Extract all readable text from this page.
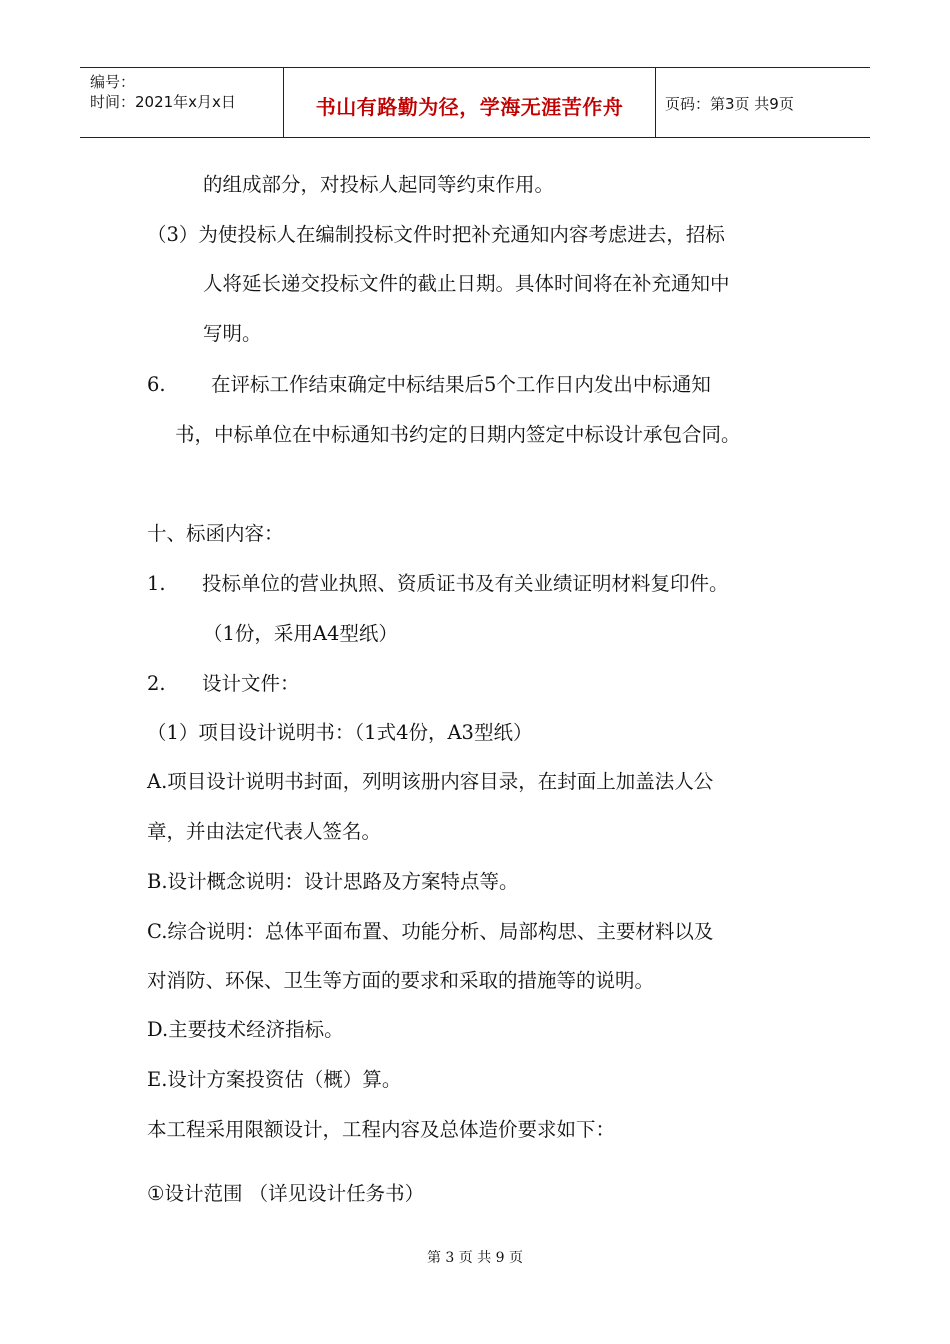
编号：
时间：2021年x月x日	书山有路勤为径，学海无涯苦作舟	页码：第3页 共9页
的组成部分，对投标人起同等约束作用。
（3）为使投标人在编制投标文件时把补充通知内容考虑进去，招标
人将延长递交投标文件的截止日期。具体时间将在补充通知中
写明。
6. 在评标工作结束确定中标结果后5个工作日内发出中标通知
书，中标单位在中标通知书约定的日期内签定中标设计承包合同。
十、标函内容：
1. 投标单位的营业执照、资质证书及有关业绩证明材料复印件。
（1份，采用A4型纸）
2. 设计文件：
（1）项目设计说明书：（1式4份，A3型纸）
A.项目设计说明书封面，列明该册内容目录，在封面上加盖法人公
章，并由法定代表人签名。
B.设计概念说明：设计思路及方案特点等。
C.综合说明：总体平面布置、功能分析、局部构思、主要材料以及
对消防、环保、卫生等方面的要求和采取的措施等的说明。
D.主要技术经济指标。
E.设计方案投资估（概）算。
本工程采用限额设计，工程内容及总体造价要求如下：
①设计范围 （详见设计任务书）
第 3 页 共 9 页
